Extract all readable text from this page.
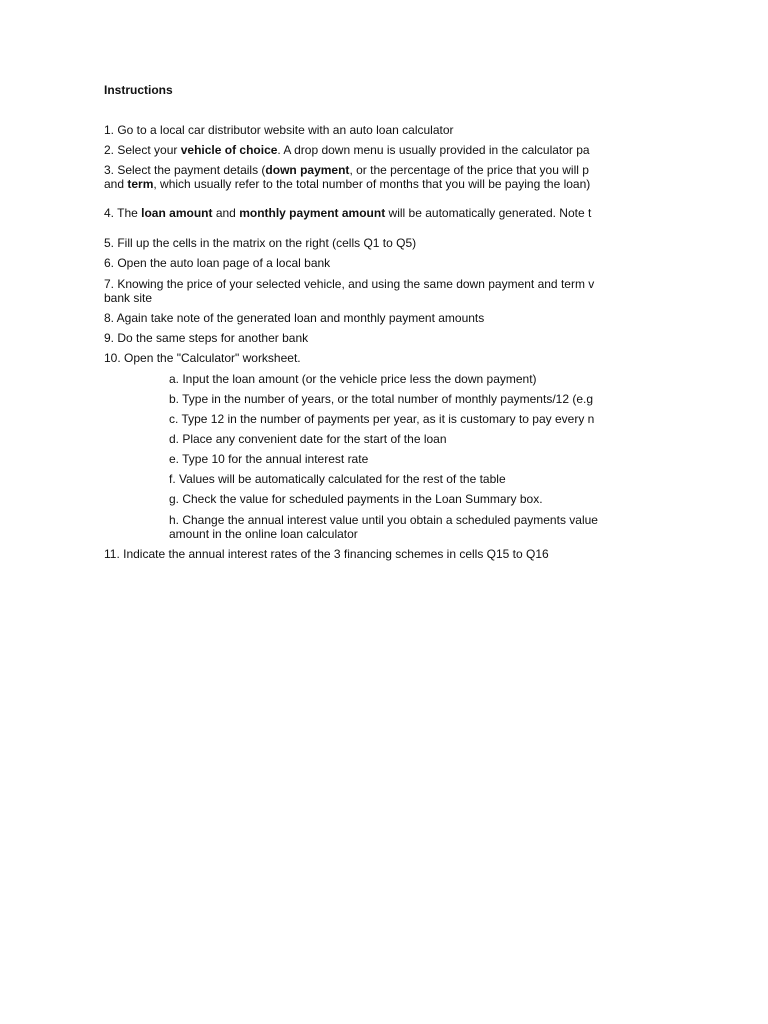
Instructions
1. Go to a local car distributor website with an auto loan calculator
2. Select your vehicle of choice. A drop down menu is usually provided in the calculator pa
3. Select the payment details (down payment, or the percentage of the price that you will p
and term, which usually refer to the total number of months that you will be paying the loan)
4. The loan amount and monthly payment amount will be automatically generated. Note t
5. Fill up the cells in the matrix on the right (cells Q1 to Q5)
6. Open the auto loan page of a local bank
7. Knowing the price of your selected vehicle, and using the same down payment and term v
bank site
8. Again take note of the generated loan and monthly payment amounts
9. Do the same steps for another bank
10. Open the "Calculator" worksheet.
a. Input the loan amount (or the vehicle price less the down payment)
b. Type in the number of years, or the total number of monthly payments/12 (e.g
c. Type 12 in the number of payments per year, as it is customary to pay every n
d. Place any convenient date for the start of the loan
e. Type 10 for the annual interest rate
f. Values will be automatically calculated for the rest of the table
g. Check the value for scheduled payments in the Loan Summary box.
h. Change the annual interest value until you obtain a scheduled payments value
amount in the online loan calculator
11. Indicate the annual interest rates of the 3 financing schemes in cells Q15 to Q16
